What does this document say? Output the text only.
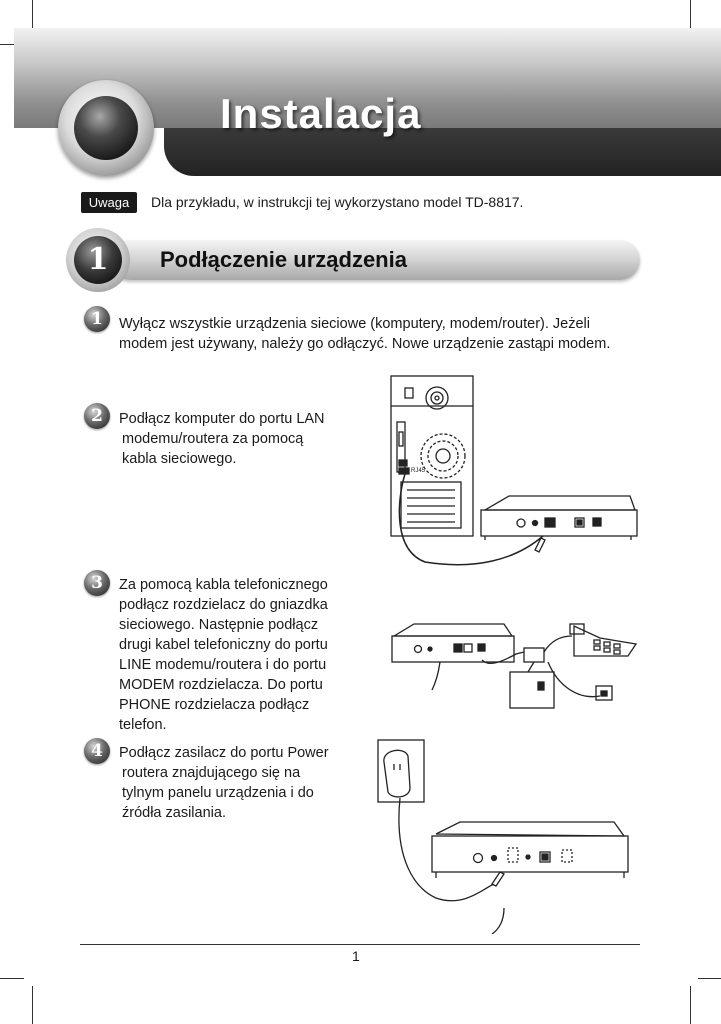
Instalacja
Uwaga	Dla przykładu, w instrukcji tej wykorzystano model TD-8817.
Podłączenie urządzenia
1
1	Wyłącz wszystkie urządzenia sieciowe (komputery, modem/router). Jeżeli
modem jest używany, należy go odłączyć. Nowe urządzenie zastąpi modem.
2	Podłącz komputer do portu LAN
modemu/routera za pomocą
kabla sieciowego.
3	Za pomocą kabla telefonicznego
podłącz rozdzielacz do gniazdka
sieciowego. Następnie podłącz
drugi kabel telefoniczny do portu
LINE modemu/routera i do portu
MODEM rozdzielacza. Do portu
PHONE rozdzielacza podłącz
telefon.
4	Podłącz zasilacz do portu Power
routera znajdującego się na
tylnym panelu urządzenia i do
źródła zasilania.
RJ45
1
